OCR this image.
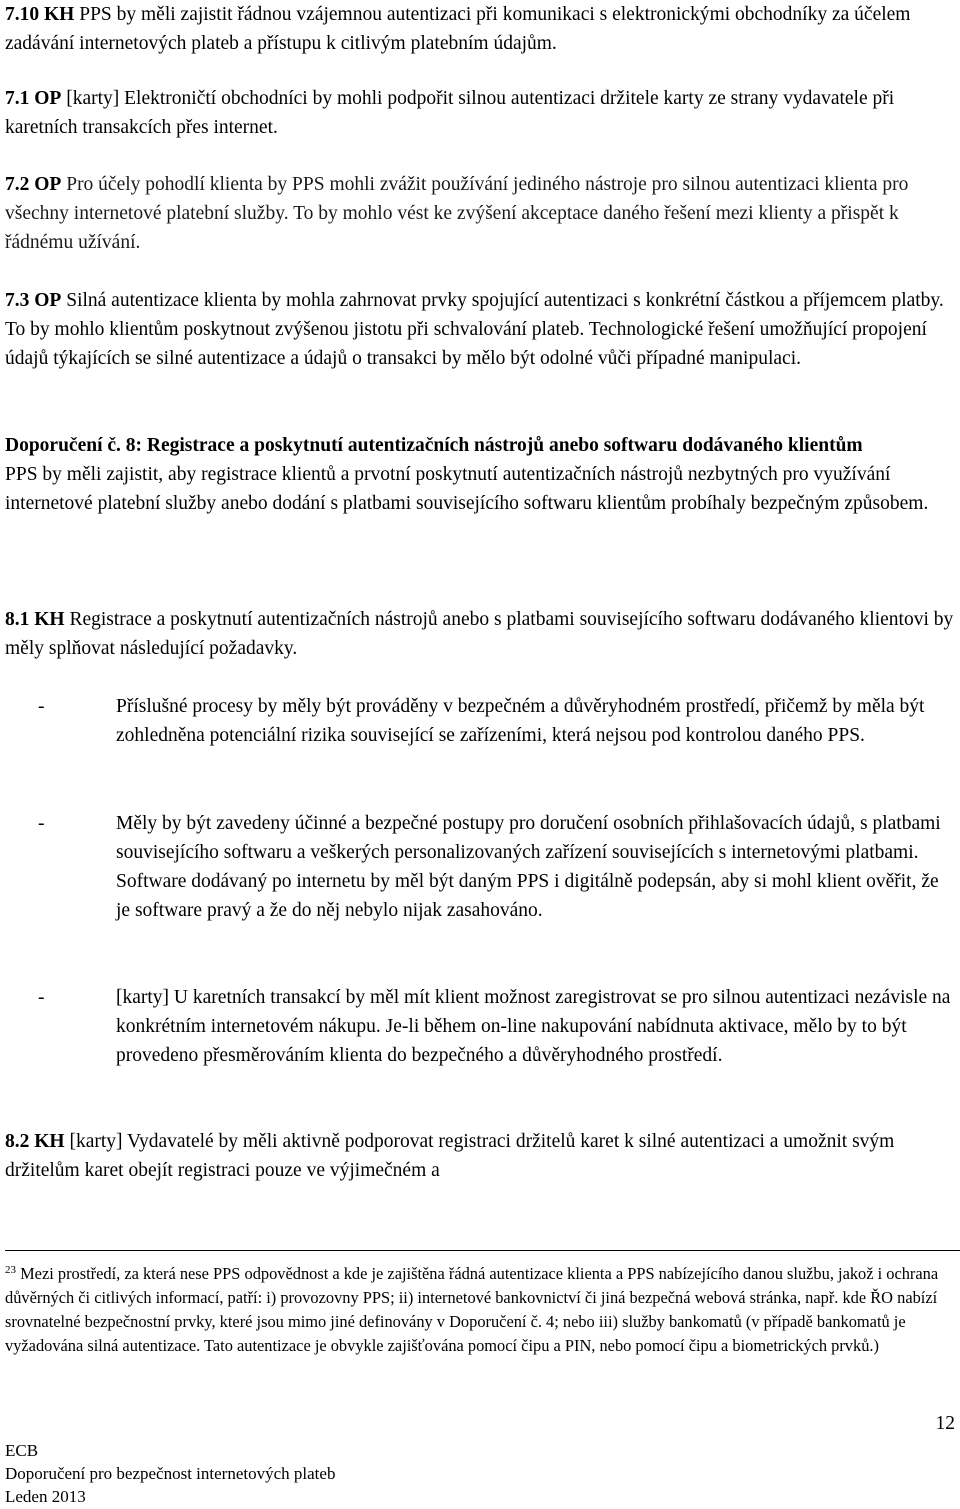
7.10 KH PPS by měli zajistit řádnou vzájemnou autentizaci při komunikaci s elektronickými obchodníky za účelem zadávání internetových plateb a přístupu k citlivým platebním údajům.

7.1 OP [karty] Elektroničtí obchodníci by mohli podpořit silnou autentizaci držitele karty ze strany vydavatele při karetních transakcích přes internet.

7.2 OP Pro účely pohodlí klienta by PPS mohli zvážit používání jediného nástroje pro silnou autentizaci klienta pro všechny internetové platební služby. To by mohlo vést ke zvýšení akceptace daného řešení mezi klienty a přispět k řádnému užívání.

7.3 OP Silná autentizace klienta by mohla zahrnovat prvky spojující autentizaci s konkrétní částkou a příjemcem platby. To by mohlo klientům poskytnout zvýšenou jistotu při schvalování plateb. Technologické řešení umožňující propojení údajů týkajících se silné autentizace a údajů o transakci by mělo být odolné vůči případné manipulaci.

Doporučení č. 8: Registrace a poskytnutí autentizačních nástrojů anebo softwaru dodávaného klientům

PPS by měli zajistit, aby registrace klientů a prvotní poskytnutí autentizačních nástrojů nezbytných pro využívání internetové platební služby anebo dodání s platbami souvisejícího softwaru klientům probíhaly bezpečným způsobem.

8.1 KH Registrace a poskytnutí autentizačních nástrojů anebo s platbami souvisejícího softwaru dodávaného klientovi by měly splňovat následující požadavky.

-	Příslušné procesy by měly být prováděny v bezpečném a důvěryhodném prostředí, přičemž by měla být zohledněna potenciální rizika související se zařízeními, která nejsou pod kontrolou daného PPS.

-	Měly by být zavedeny účinné a bezpečné postupy pro doručení osobních přihlašovacích údajů, s platbami souvisejícího softwaru a veškerých personalizovaných zařízení souvisejících s internetovými platbami. Software dodávaný po internetu by měl být daným PPS i digitálně podepsán, aby si mohl klient ověřit, že je software pravý a že do něj nebylo nijak zasahováno.

-	[karty] U karetních transakcí by měl mít klient možnost zaregistrovat se pro silnou autentizaci nezávisle na konkrétním internetovém nákupu. Je-li během on-line nakupování nabídnuta aktivace, mělo by to být provedeno přesměrováním klienta do bezpečného a důvěryhodného prostředí.

8.2 KH [karty] Vydavatelé by měli aktivně podporovat registraci držitelů karet k silné autentizaci a umožnit svým držitelům karet obejít registraci pouze ve výjimečném a

$^{23}$ Mezi prostředí, za která nese PPS odpovědnost a kde je zajištěna řádná autentizace klienta a PPS nabízejícího danou službu, jakož i ochrana důvěrných či citlivých informací, patří: i) provozovny PPS; ii) internetové bankovnictví či jiná bezpečná webová stránka, např. kde ŘO nabízí srovnatelné bezpečnostní prvky, které jsou mimo jiné definovány v Doporučení č. 4; nebo iii) služby bankomatů (v případě bankomatů je vyžadována silná autentizace. Tato autentizace je obvykle zajišťována pomocí čipu a PIN, nebo pomocí čipu a biometrických prvků.)

12
ECB
Doporučení pro bezpečnost internetových plateb
Leden 2013
